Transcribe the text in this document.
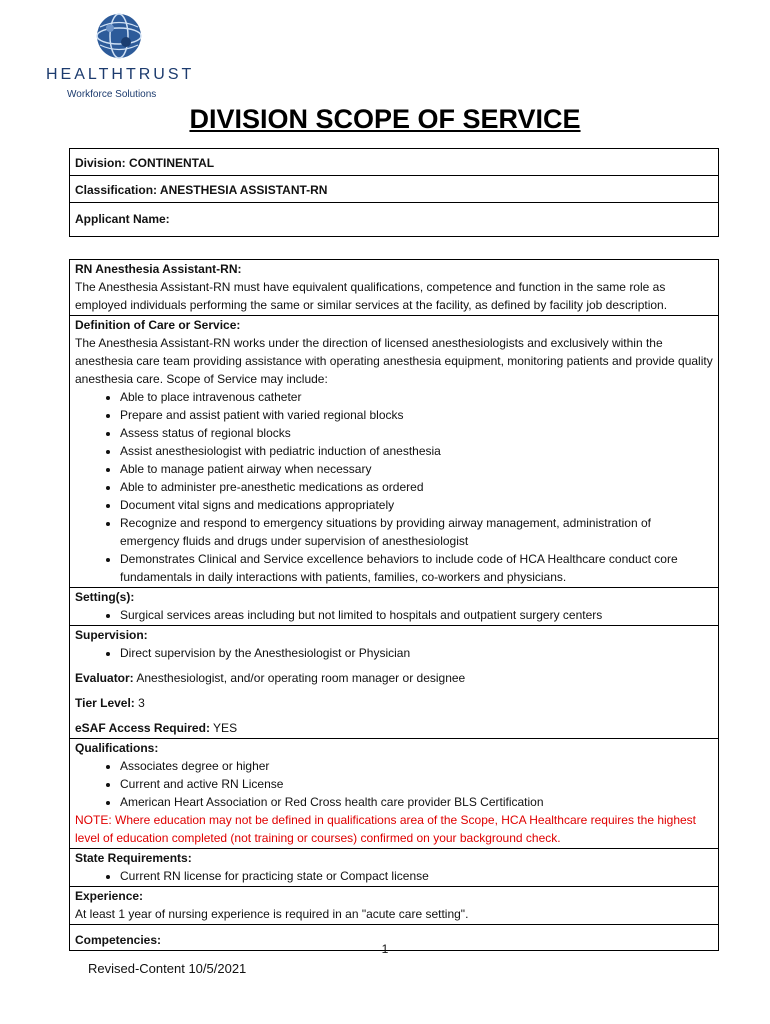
HEALTHTRUST
Workforce Solutions
DIVISION SCOPE OF SERVICE
Division: CONTINENTAL
Classification: ANESTHESIA ASSISTANT-RN
Applicant Name:
RN Anesthesia Assistant-RN:
The Anesthesia Assistant-RN must have equivalent qualifications, competence and function in the same role as employed individuals performing the same or similar services at the facility, as defined by facility job description.
Definition of Care or Service:
The Anesthesia Assistant-RN works under the direction of licensed anesthesiologists and exclusively within the anesthesia care team providing assistance with operating anesthesia equipment, monitoring patients and provide quality anesthesia care. Scope of Service may include:
• Able to place intravenous catheter
• Prepare and assist patient with varied regional blocks
• Assess status of regional blocks
• Assist anesthesiologist with pediatric induction of anesthesia
• Able to manage patient airway when necessary
• Able to administer pre-anesthetic medications as ordered
• Document vital signs and medications appropriately
• Recognize and respond to emergency situations by providing airway management, administration of emergency fluids and drugs under supervision of anesthesiologist
• Demonstrates Clinical and Service excellence behaviors to include code of HCA Healthcare conduct core fundamentals in daily interactions with patients, families, co-workers and physicians.
Setting(s):
• Surgical services areas including but not limited to hospitals and outpatient surgery centers
Supervision:
• Direct supervision by the Anesthesiologist or Physician
Evaluator: Anesthesiologist, and/or operating room manager or designee
Tier Level: 3
eSAF Access Required: YES
Qualifications:
• Associates degree or higher
• Current and active RN License
• American Heart Association or Red Cross health care provider BLS Certification
NOTE: Where education may not be defined in qualifications area of the Scope, HCA Healthcare requires the highest level of education completed (not training or courses) confirmed on your background check.
State Requirements:
• Current RN license for practicing state or Compact license
Experience:
At least 1 year of nursing experience is required in an "acute care setting".
Competencies:
1
Revised-Content 10/5/2021
